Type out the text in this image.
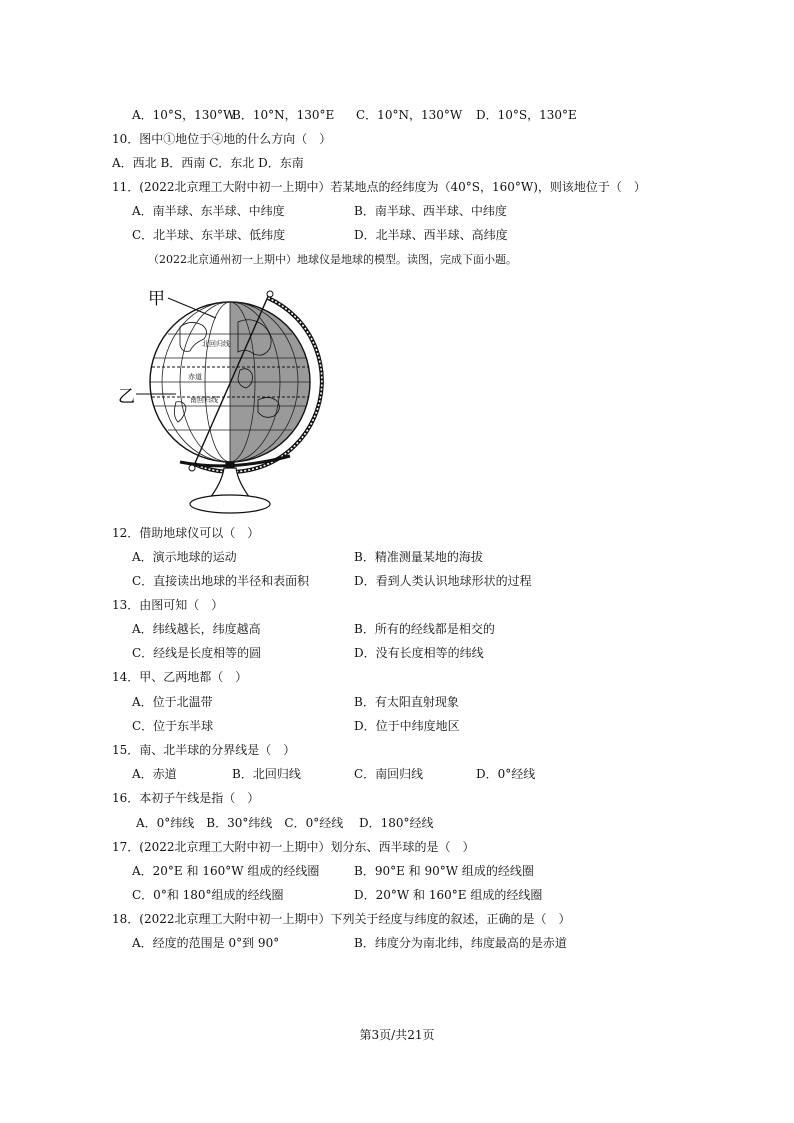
A．10°S，130°W
B．10°N，130°E C．10°N，130°W D．10°S，130°E
10．图中①地位于④地的什么方向（　）
A．西北 B．西南 C．东北 D．东南
11．(2022北京理工大附中初一上期中）若某地点的经纬度为（40°S，160°W)，则该地位于（　）
A．南半球、东半球、中纬度	B．南半球、西半球、中纬度
C．北半球、东半球、低纬度	D．北半球、西半球、高纬度
（2022北京通州初一上期中）地球仪是地球的模型。读图，完成下面小题。
甲
乙
赤道
北回归线
南回归线
12．借助地球仪可以（　）
A．演示地球的运动	B．精准测量某地的海拔
C．直接读出地球的半径和表面积	D．看到人类认识地球形状的过程
13．由图可知（　）
A．纬线越长，纬度越高	B．所有的经线都是相交的
C．经线是长度相等的圆	D．没有长度相等的纬线
14．甲、乙两地都（　）
A．位于北温带	B．有太阳直射现象
C．位于东半球	D．位于中纬度地区
15．南、北半球的分界线是（　）
A．赤道	B．北回归线	C．南回归线	D．0°经线
16．本初子午线是指（　）
A．0°纬线　B．30°纬线　C．0°经线　 D．180°经线
17．(2022北京理工大附中初一上期中）划分东、西半球的是（　）
A．20°E 和 160°W 组成的经线圈	B．90°E 和 90°W 组成的经线圈
C．0°和 180°组成的经线圈	D．20°W 和 160°E 组成的经线圈
18．(2022北京理工大附中初一上期中）下列关于经度与纬度的叙述，正确的是（　）
A．经度的范围是 0°到 90°	B．纬度分为南北纬，纬度最高的是赤道
第3页/共21页
